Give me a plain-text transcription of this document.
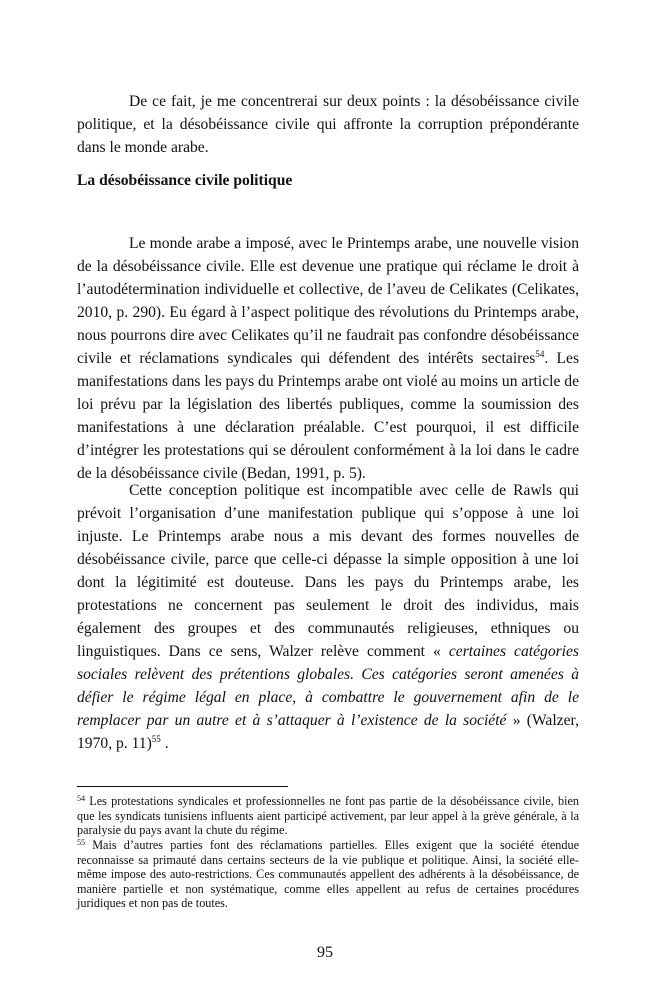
De ce fait, je me concentrerai sur deux points : la désobéissance civile politique, et la désobéissance civile qui affronte la corruption prépondérante dans le monde arabe.

La désobéissance civile politique

Le monde arabe a imposé, avec le Printemps arabe, une nouvelle vision de la désobéissance civile. Elle est devenue une pratique qui réclame le droit à l’autodétermination individuelle et collective, de l’aveu de Celikates (Celikates, 2010, p. 290). Eu égard à l’aspect politique des révolutions du Printemps arabe, nous pourrons dire avec Celikates qu’il ne faudrait pas confondre désobéissance civile et réclamations syndicales qui défendent des intérêts sectaires$^{54}$. Les manifestations dans les pays du Printemps arabe ont violé au moins un article de loi prévu par la législation des libertés publiques, comme la soumission des manifestations à une déclaration préalable. C’est pourquoi, il est difficile d’intégrer les protestations qui se déroulent conformément à la loi dans le cadre de la désobéissance civile (Bedan, 1991, p. 5).

Cette conception politique est incompatible avec celle de Rawls qui prévoit l’organisation d’une manifestation publique qui s’oppose à une loi injuste. Le Printemps arabe nous a mis devant des formes nouvelles de désobéissance civile, parce que celle-ci dépasse la simple opposition à une loi dont la légitimité est douteuse. Dans les pays du Printemps arabe, les protestations ne concernent pas seulement le droit des individus, mais également des groupes et des communautés religieuses, ethniques ou linguistiques. Dans ce sens, Walzer relève comment « certaines catégories sociales relèvent des prétentions globales. Ces catégories seront amenées à défier le régime légal en place, à combattre le gouvernement afin de le remplacer par un autre et à s’attaquer à l’existence de la société » (Walzer, 1970, p. 11)$^{55}$ .

$^{54}$ Les protestations syndicales et professionnelles ne font pas partie de la désobéissance civile, bien que les syndicats tunisiens influents aient participé activement, par leur appel à la grève générale, à la paralysie du pays avant la chute du régime.

$^{55}$ Mais d’autres parties font des réclamations partielles. Elles exigent que la société étendue reconnaisse sa primauté dans certains secteurs de la vie publique et politique. Ainsi, la société elle-même impose des auto-restrictions. Ces communautés appellent des adhérents à la désobéissance, de manière partielle et non systématique, comme elles appellent au refus de certaines procédures juridiques et non pas de toutes.

95
